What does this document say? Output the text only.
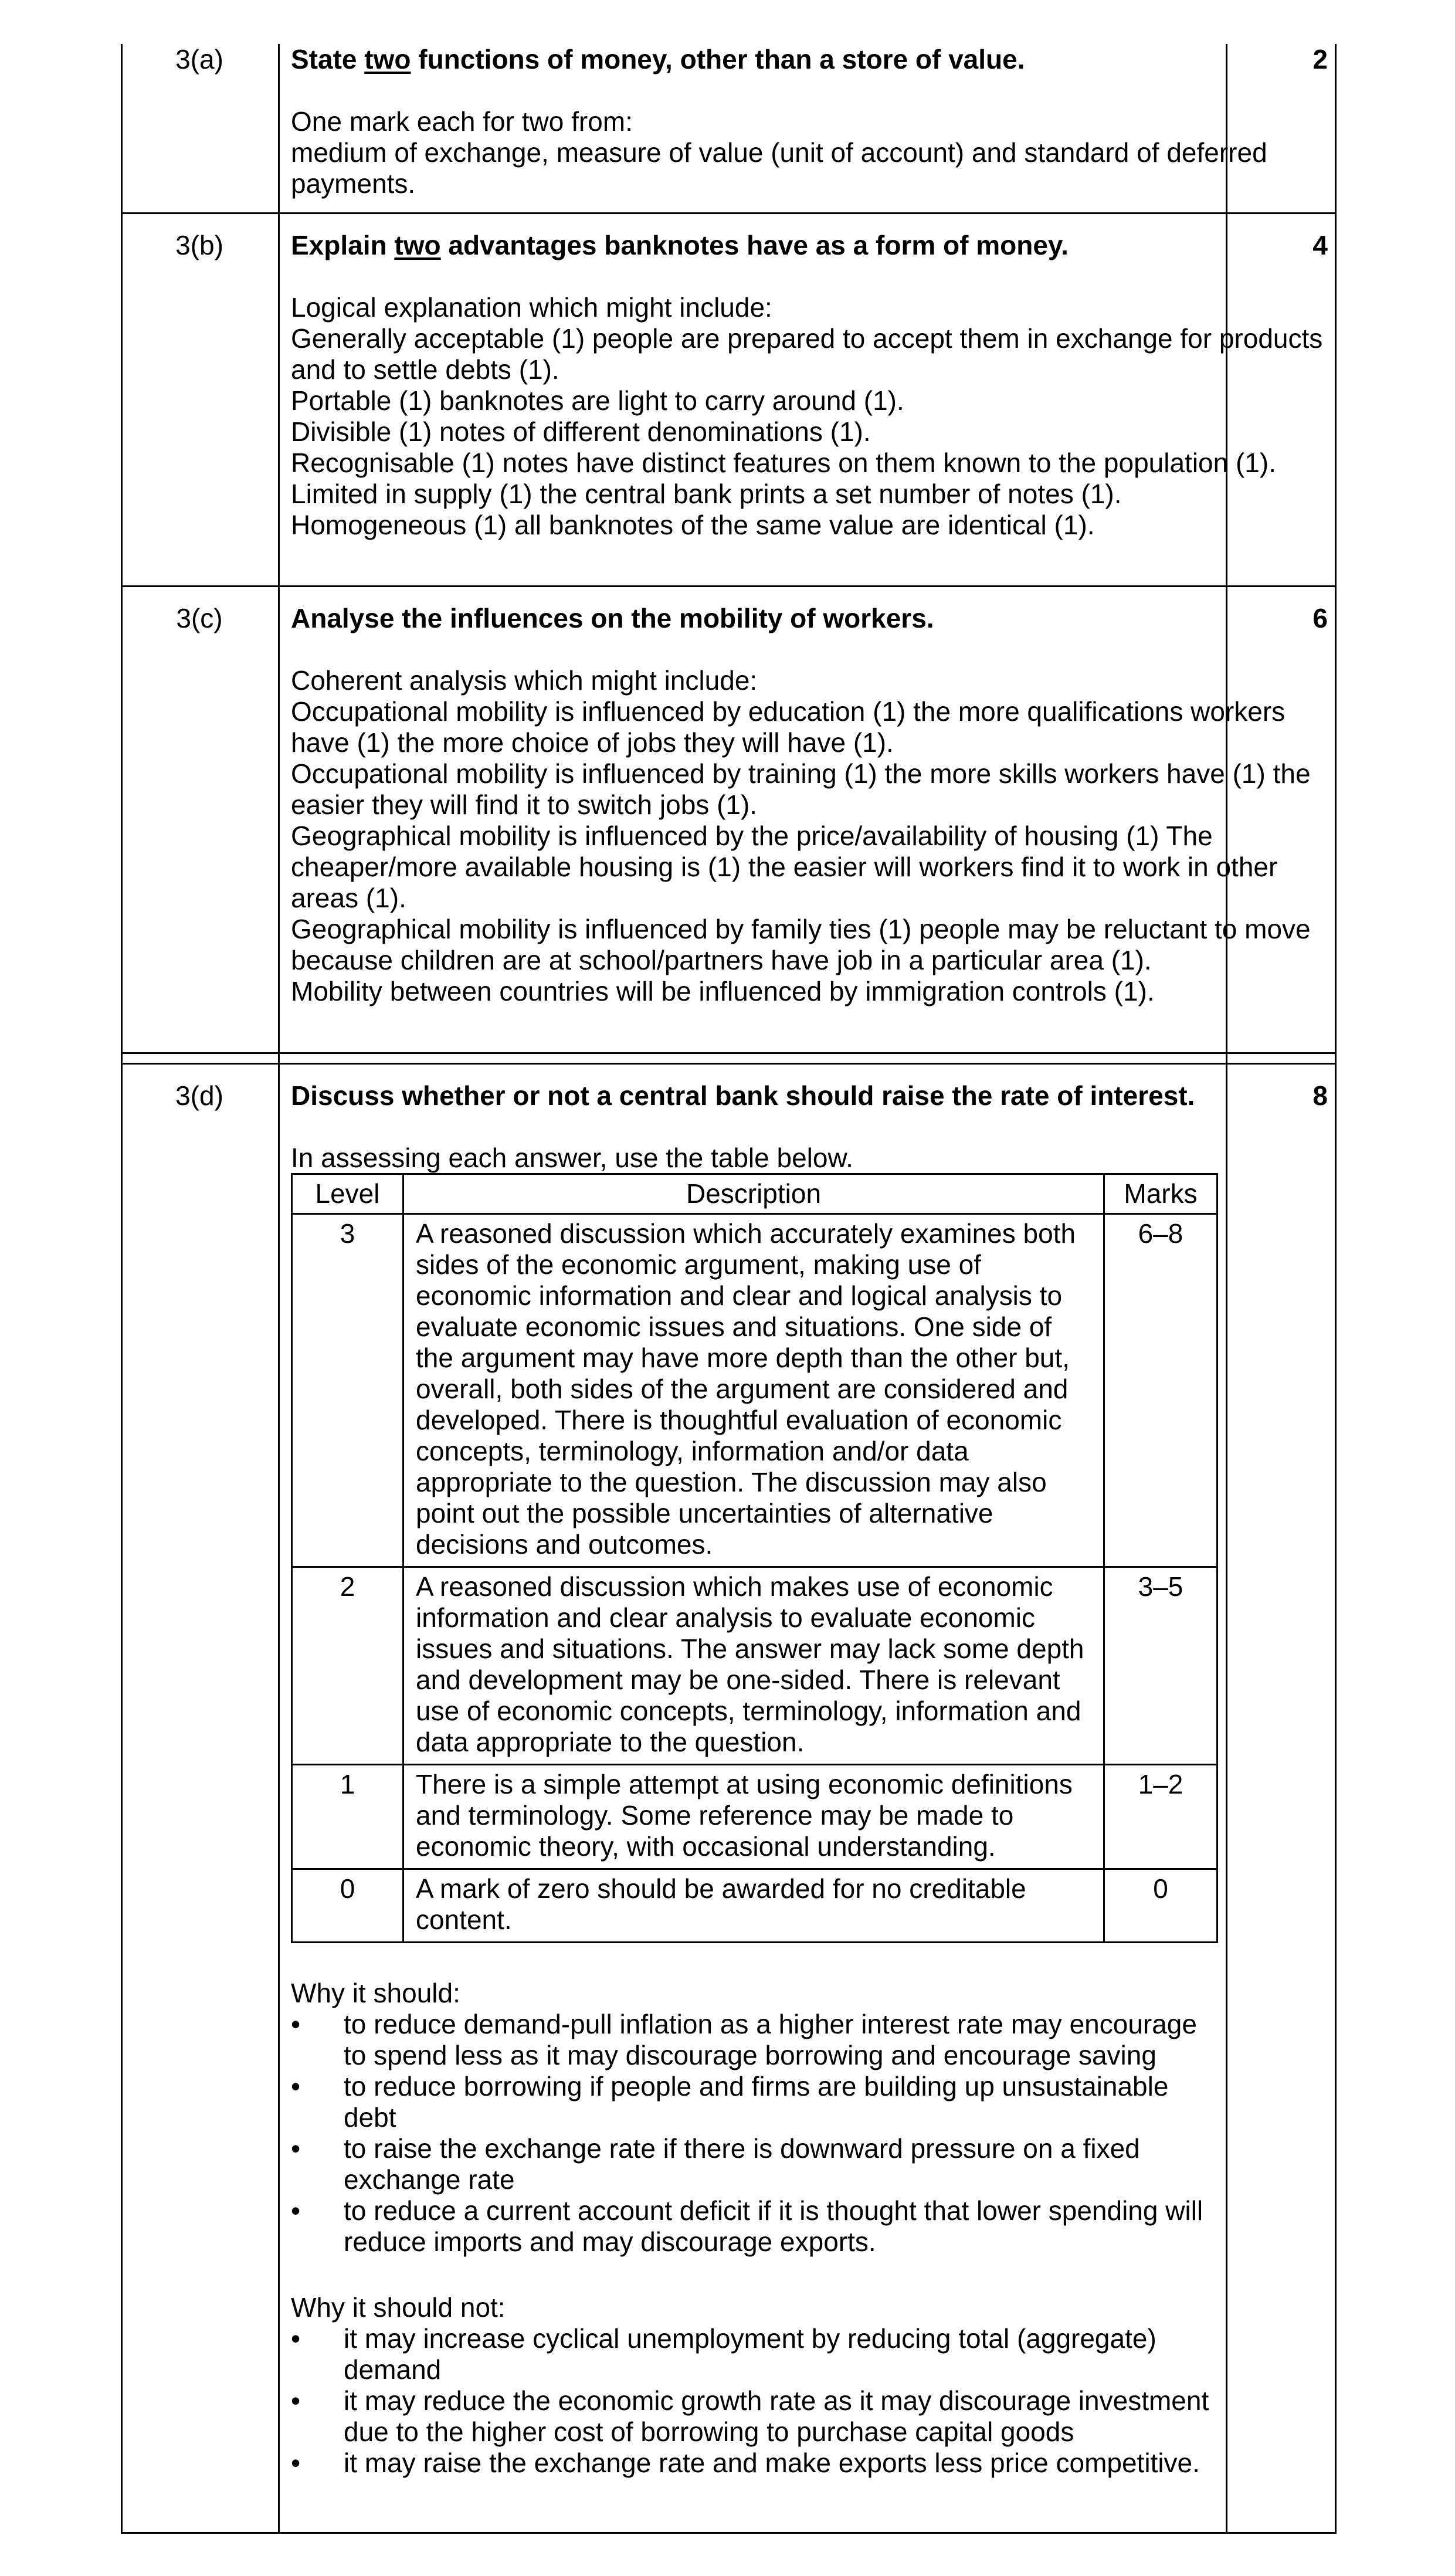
3(a)	State two functions of money, other than a store of value.

One mark each for two from:

medium of exchange, measure of value (unit of account) and standard of deferred payments.

2
3(b)	Explain two advantages banknotes have as a form of money.

Logical explanation which might include:

Generally acceptable (1) people are prepared to accept them in exchange for products and to settle debts (1).

Portable (1) banknotes are light to carry around (1).

Divisible (1) notes of different denominations (1).

Recognisable (1) notes have distinct features on them known to the population (1).

Limited in supply (1) the central bank prints a set number of notes (1).

Homogeneous (1) all banknotes of the same value are identical (1).

4
3(c)	Analyse the influences on the mobility of workers.

Coherent analysis which might include:

Occupational mobility is influenced by education (1) the more qualifications workers have (1) the more choice of jobs they will have (1).

Occupational mobility is influenced by training (1) the more skills workers have (1) the easier they will find it to switch jobs (1).

Geographical mobility is influenced by the price/availability of housing (1) The cheaper/more available housing is (1) the easier will workers find it to work in other areas (1).

Geographical mobility is influenced by family ties (1) people may be reluctant to move because children are at school/partners have job in a particular area (1).

Mobility between countries will be influenced by immigration controls (1).

6
3(d)	Discuss whether or not a central bank should raise the rate of interest.

In assessing each answer, use the table below.

Level	Description	Marks
3	A reasoned discussion which accurately examines both sides of the economic argument, making use of economic information and clear and logical analysis to evaluate economic issues and situations. One side of the argument may have more depth than the other but, overall, both sides of the argument are considered and developed. There is thoughtful evaluation of economic concepts, terminology, information and/or data appropriate to the question. The discussion may also point out the possible uncertainties of alternative decisions and outcomes.	6–8
2	A reasoned discussion which makes use of economic information and clear analysis to evaluate economic issues and situations. The answer may lack some depth and development may be one-sided. There is relevant use of economic concepts, terminology, information and data appropriate to the question.	3–5
1	There is a simple attempt at using economic definitions and terminology. Some reference may be made to economic theory, with occasional understanding.	1–2
0	A mark of zero should be awarded for no creditable content.	0

Why it should:

• to reduce demand-pull inflation as a higher interest rate may encourage to spend less as it may discourage borrowing and encourage saving
• to reduce borrowing if people and firms are building up unsustainable debt
• to raise the exchange rate if there is downward pressure on a fixed exchange rate
• to reduce a current account deficit if it is thought that lower spending will reduce imports and may discourage exports.

Why it should not:

• it may increase cyclical unemployment by reducing total (aggregate) demand
• it may reduce the economic growth rate as it may discourage investment due to the higher cost of borrowing to purchase capital goods
• it may raise the exchange rate and make exports less price competitive.
8
